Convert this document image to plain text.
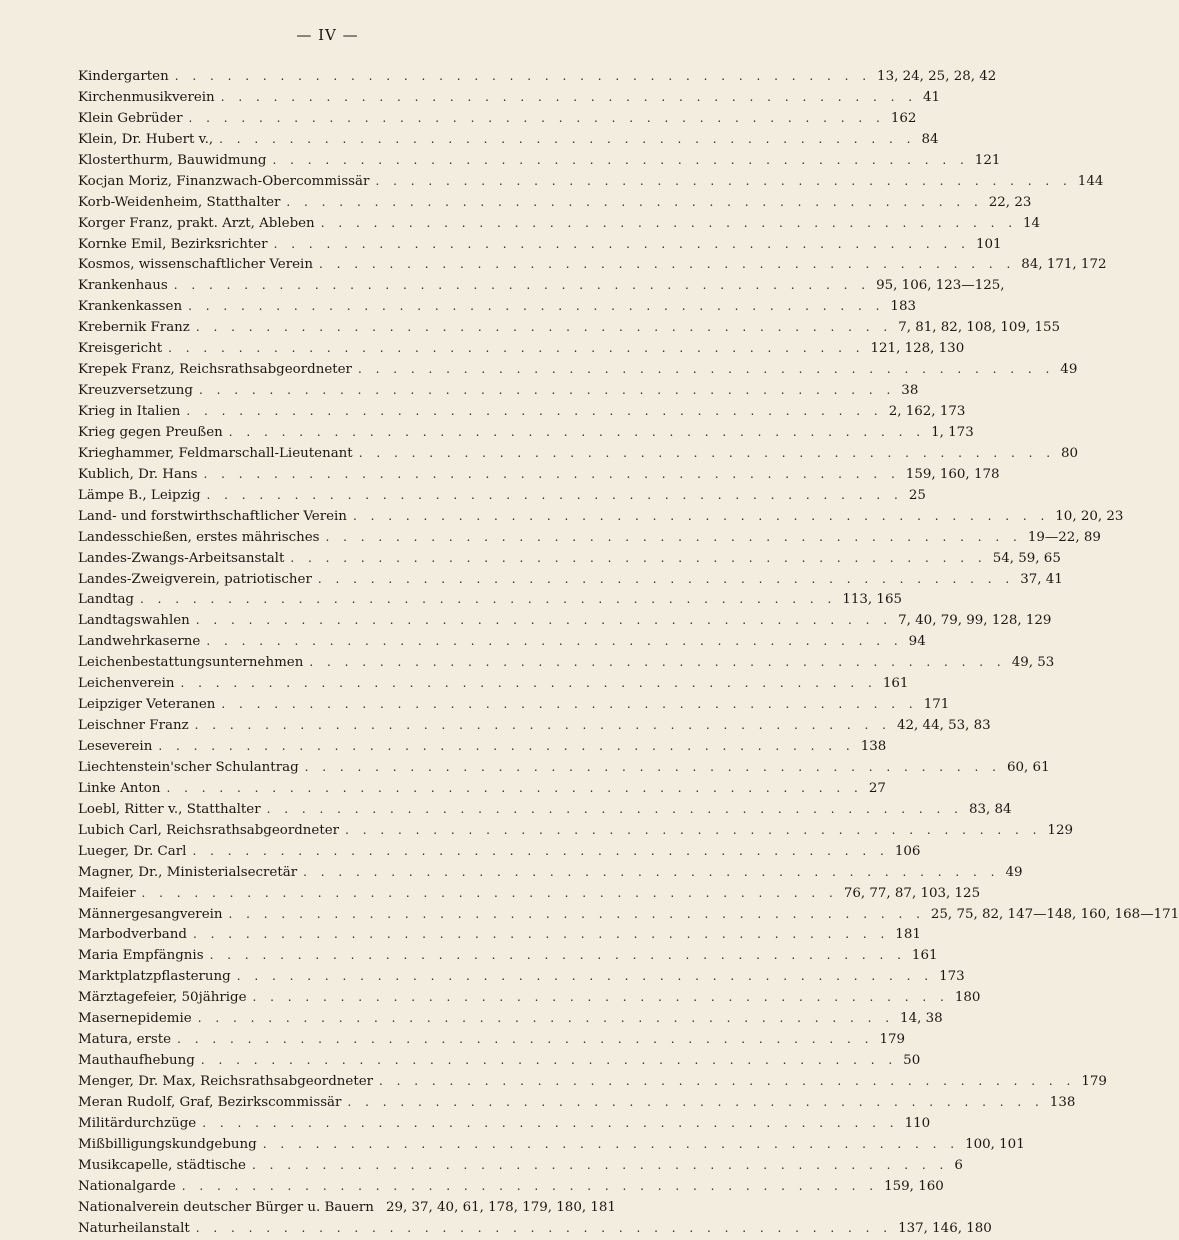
— IV —
Kindergarten . . . . . . . . . . . . . . . . . . . . . . . . . . . . . . . . . . . . . . . . 13, 24, 25, 28, 42
Kirchenmusikverein . . . . . . . . . . . . . . . . . . . . . . . . . . . . . . . . . . . . . . . . 41
Klein Gebrüder . . . . . . . . . . . . . . . . . . . . . . . . . . . . . . . . . . . . . . . . 162
Klein, Dr. Hubert v., . . . . . . . . . . . . . . . . . . . . . . . . . . . . . . . . . . . . . . . . 84
Klosterthurm, Bauwidmung . . . . . . . . . . . . . . . . . . . . . . . . . . . . . . . . . . . . . . . . 121
Kocjan Moriz, Finanzwach-Obercommissär . . . . . . . . . . . . . . . . . . . . . . . . . . . . . . . . . . . . . . . . 144
Korb-Weidenheim, Statthalter . . . . . . . . . . . . . . . . . . . . . . . . . . . . . . . . . . . . . . . . 22, 23
Korger Franz, prakt. Arzt, Ableben . . . . . . . . . . . . . . . . . . . . . . . . . . . . . . . . . . . . . . . . 14
Kornke Emil, Bezirksrichter . . . . . . . . . . . . . . . . . . . . . . . . . . . . . . . . . . . . . . . . 101
Kosmos, wissenschaftlicher Verein . . . . . . . . . . . . . . . . . . . . . . . . . . . . . . . . . . . . . . . . 84, 171, 172
Krankenhaus . . . . . . . . . . . . . . . . . . . . . . . . . . . . . . . . . . . . . . . . 95, 106, 123—125,
Krankenkassen . . . . . . . . . . . . . . . . . . . . . . . . . . . . . . . . . . . . . . . . 183
Krebernik Franz . . . . . . . . . . . . . . . . . . . . . . . . . . . . . . . . . . . . . . . . 7, 81, 82, 108, 109, 155
Kreisgericht . . . . . . . . . . . . . . . . . . . . . . . . . . . . . . . . . . . . . . . . 121, 128, 130
Krepek Franz, Reichsrathsabgeordneter . . . . . . . . . . . . . . . . . . . . . . . . . . . . . . . . . . . . . . . . 49
Kreuzversetzung . . . . . . . . . . . . . . . . . . . . . . . . . . . . . . . . . . . . . . . . 38
Krieg in Italien . . . . . . . . . . . . . . . . . . . . . . . . . . . . . . . . . . . . . . . . 2, 162, 173
Krieg gegen Preußen . . . . . . . . . . . . . . . . . . . . . . . . . . . . . . . . . . . . . . . . 1, 173
Krieghammer, Feldmarschall-Lieutenant . . . . . . . . . . . . . . . . . . . . . . . . . . . . . . . . . . . . . . . . 80
Kublich, Dr. Hans . . . . . . . . . . . . . . . . . . . . . . . . . . . . . . . . . . . . . . . . 159, 160, 178
Lämpe B., Leipzig . . . . . . . . . . . . . . . . . . . . . . . . . . . . . . . . . . . . . . . . 25
Land- und forstwirthschaftlicher Verein . . . . . . . . . . . . . . . . . . . . . . . . . . . . . . . . . . . . . . . . 10, 20, 23
Landesschießen, erstes mährisches . . . . . . . . . . . . . . . . . . . . . . . . . . . . . . . . . . . . . . . . 19—22, 89
Landes-Zwangs-Arbeitsanstalt . . . . . . . . . . . . . . . . . . . . . . . . . . . . . . . . . . . . . . . . 54, 59, 65
Landes-Zweigverein, patriotischer . . . . . . . . . . . . . . . . . . . . . . . . . . . . . . . . . . . . . . . . 37, 41
Landtag . . . . . . . . . . . . . . . . . . . . . . . . . . . . . . . . . . . . . . . . 113, 165
Landtagswahlen . . . . . . . . . . . . . . . . . . . . . . . . . . . . . . . . . . . . . . . . 7, 40, 79, 99, 128, 129
Landwehrkaserne . . . . . . . . . . . . . . . . . . . . . . . . . . . . . . . . . . . . . . . . 94
Leichenbestattungsunternehmen . . . . . . . . . . . . . . . . . . . . . . . . . . . . . . . . . . . . . . . . 49, 53
Leichenverein . . . . . . . . . . . . . . . . . . . . . . . . . . . . . . . . . . . . . . . . 161
Leipziger Veteranen . . . . . . . . . . . . . . . . . . . . . . . . . . . . . . . . . . . . . . . . 171
Leischner Franz . . . . . . . . . . . . . . . . . . . . . . . . . . . . . . . . . . . . . . . . 42, 44, 53, 83
Leseverein . . . . . . . . . . . . . . . . . . . . . . . . . . . . . . . . . . . . . . . . 138
Liechtenstein'scher Schulantrag . . . . . . . . . . . . . . . . . . . . . . . . . . . . . . . . . . . . . . . . 60, 61
Linke Anton . . . . . . . . . . . . . . . . . . . . . . . . . . . . . . . . . . . . . . . . 27
Loebl, Ritter v., Statthalter . . . . . . . . . . . . . . . . . . . . . . . . . . . . . . . . . . . . . . . . 83, 84
Lubich Carl, Reichsrathsabgeordneter . . . . . . . . . . . . . . . . . . . . . . . . . . . . . . . . . . . . . . . . 129
Lueger, Dr. Carl . . . . . . . . . . . . . . . . . . . . . . . . . . . . . . . . . . . . . . . . 106
Magner, Dr., Ministerialsecretär . . . . . . . . . . . . . . . . . . . . . . . . . . . . . . . . . . . . . . . . 49
Maifeier . . . . . . . . . . . . . . . . . . . . . . . . . . . . . . . . . . . . . . . . 76, 77, 87, 103, 125
Männergesangverein . . . . . . . . . . . . . . . . . . . . . . . . . . . . . . . . . . . . . . . . 25, 75, 82, 147—148, 160, 168—171
Marbodverband . . . . . . . . . . . . . . . . . . . . . . . . . . . . . . . . . . . . . . . . 181
Maria Empfängnis . . . . . . . . . . . . . . . . . . . . . . . . . . . . . . . . . . . . . . . . 161
Marktplatzpflasterung . . . . . . . . . . . . . . . . . . . . . . . . . . . . . . . . . . . . . . . . 173
Märztagefeier, 50jährige . . . . . . . . . . . . . . . . . . . . . . . . . . . . . . . . . . . . . . . . 180
Masernepidemie . . . . . . . . . . . . . . . . . . . . . . . . . . . . . . . . . . . . . . . . 14, 38
Matura, erste . . . . . . . . . . . . . . . . . . . . . . . . . . . . . . . . . . . . . . . . 179
Mauthaufhebung . . . . . . . . . . . . . . . . . . . . . . . . . . . . . . . . . . . . . . . . 50
Menger, Dr. Max, Reichsrathsabgeordneter . . . . . . . . . . . . . . . . . . . . . . . . . . . . . . . . . . . . . . . . 179
Meran Rudolf, Graf, Bezirkscommissär . . . . . . . . . . . . . . . . . . . . . . . . . . . . . . . . . . . . . . . . 138
Militärdurchzüge . . . . . . . . . . . . . . . . . . . . . . . . . . . . . . . . . . . . . . . . 110
Mißbilligungskundgebung . . . . . . . . . . . . . . . . . . . . . . . . . . . . . . . . . . . . . . . . 100, 101
Musikcapelle, städtische . . . . . . . . . . . . . . . . . . . . . . . . . . . . . . . . . . . . . . . . 6
Nationalgarde . . . . . . . . . . . . . . . . . . . . . . . . . . . . . . . . . . . . . . . . 159, 160
Nationalverein deutscher Bürger u. Bauern 29, 37, 40, 61, 178, 179, 180, 181
Naturheilanstalt . . . . . . . . . . . . . . . . . . . . . . . . . . . . . . . . . . . . . . . . 137, 146, 180
